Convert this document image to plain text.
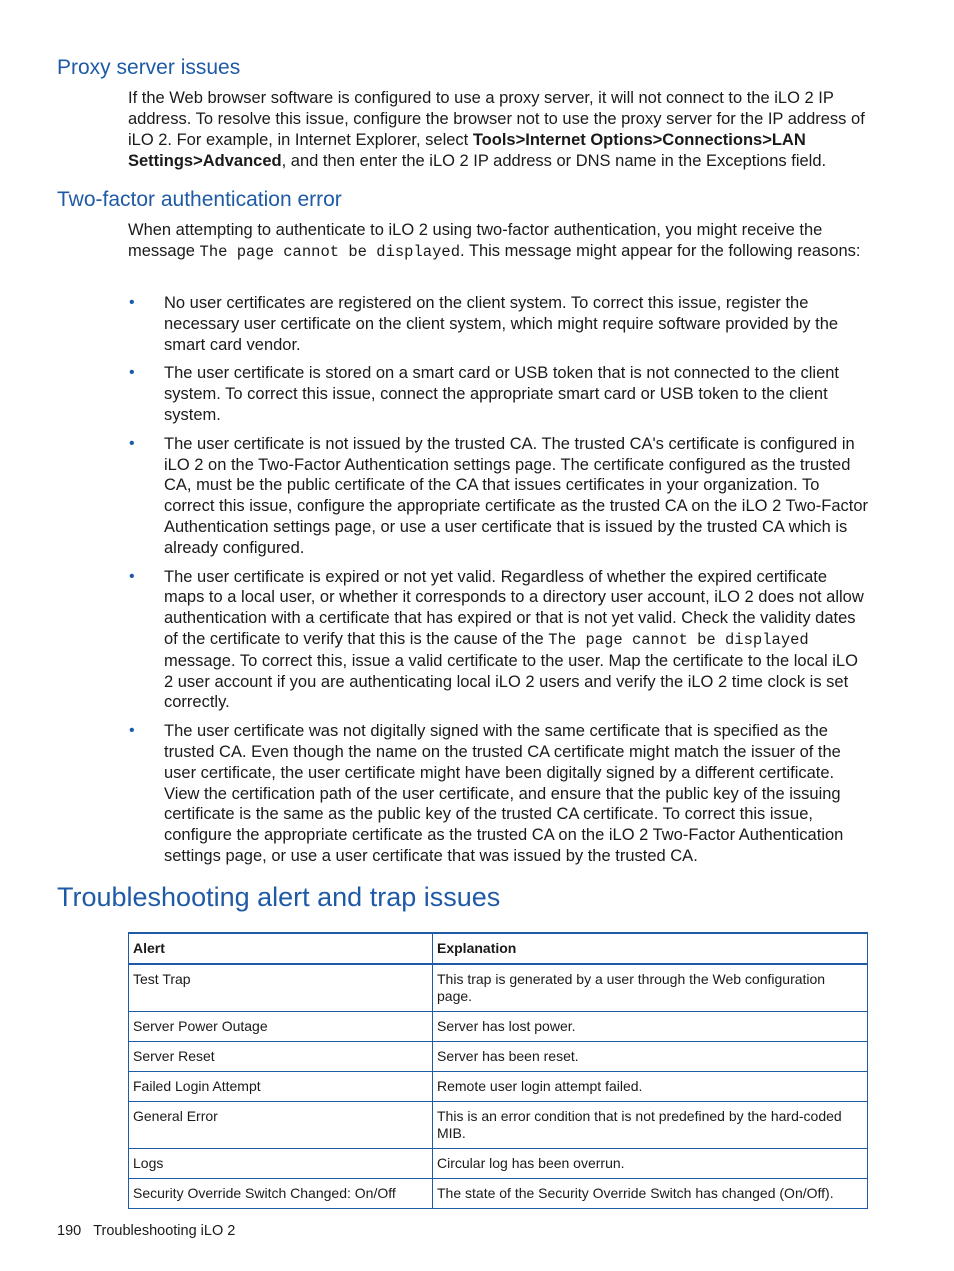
Proxy server issues

If the Web browser software is configured to use a proxy server, it will not connect to the iLO 2 IP address. To resolve this issue, configure the browser not to use the proxy server for the IP address of iLO 2. For example, in Internet Explorer, select Tools>Internet Options>Connections>LAN Settings>Advanced, and then enter the iLO 2 IP address or DNS name in the Exceptions field.

Two-factor authentication error

When attempting to authenticate to iLO 2 using two-factor authentication, you might receive the message The page cannot be displayed. This message might appear for the following reasons:

• No user certificates are registered on the client system. To correct this issue, register the necessary user certificate on the client system, which might require software provided by the smart card vendor.
• The user certificate is stored on a smart card or USB token that is not connected to the client system. To correct this issue, connect the appropriate smart card or USB token to the client system.
• The user certificate is not issued by the trusted CA. The trusted CA's certificate is configured in iLO 2 on the Two-Factor Authentication settings page. The certificate configured as the trusted CA, must be the public certificate of the CA that issues certificates in your organization. To correct this issue, configure the appropriate certificate as the trusted CA on the iLO 2 Two-Factor Authentication settings page, or use a user certificate that is issued by the trusted CA which is already configured.
• The user certificate is expired or not yet valid. Regardless of whether the expired certificate maps to a local user, or whether it corresponds to a directory user account, iLO 2 does not allow authentication with a certificate that has expired or that is not yet valid. Check the validity dates of the certificate to verify that this is the cause of the The page cannot be displayed message. To correct this, issue a valid certificate to the user. Map the certificate to the local iLO 2 user account if you are authenticating local iLO 2 users and verify the iLO 2 time clock is set correctly.
• The user certificate was not digitally signed with the same certificate that is specified as the trusted CA. Even though the name on the trusted CA certificate might match the issuer of the user certificate, the user certificate might have been digitally signed by a different certificate. View the certification path of the user certificate, and ensure that the public key of the issuing certificate is the same as the public key of the trusted CA certificate. To correct this issue, configure the appropriate certificate as the trusted CA on the iLO 2 Two-Factor Authentication settings page, or use a user certificate that was issued by the trusted CA.
Troubleshooting alert and trap issues
Alert	Explanation
Test Trap	This trap is generated by a user through the Web configuration page.
Server Power Outage	Server has lost power.
Server Reset	Server has been reset.
Failed Login Attempt	Remote user login attempt failed.
General Error	This is an error condition that is not predefined by the hard-coded MIB.
Logs	Circular log has been overrun.
Security Override Switch Changed: On/Off	The state of the Security Override Switch has changed (On/Off).
190 Troubleshooting iLO 2
